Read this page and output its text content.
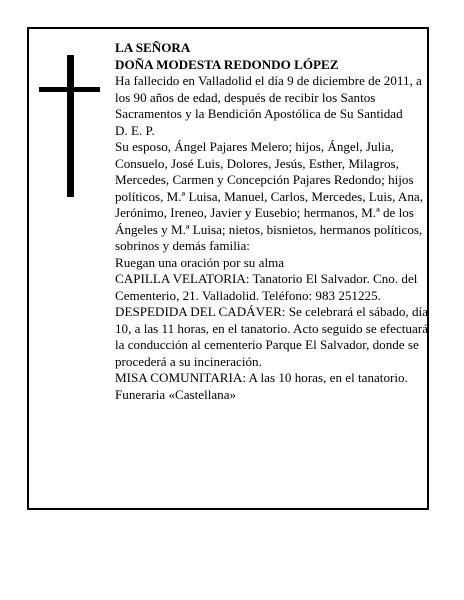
LA SEÑORA

DOÑA MODESTA REDONDO LÓPEZ

Ha fallecido en Valladolid el día 9 de diciembre de 2011, a los 90 años de edad, después de recibir los Santos Sacramentos y la Bendición Apostólica de Su Santidad

D. E. P.

Su esposo, Ángel Pajares Melero; hijos, Ángel, Julia, Consuelo, José Luis, Dolores, Jesús, Esther, Milagros, Mercedes, Carmen y Concepción Pajares Redondo; hijos políticos, M.ª Luisa, Manuel, Carlos, Mercedes, Luis, Ana, Jerónimo, Ireneo, Javier y Eusebio; hermanos, M.ª de los Ángeles y M.ª Luisa; nietos, bisnietos, hermanos políticos, sobrinos y demás familia:

Ruegan una oración por su alma

CAPILLA VELATORIA: Tanatorio El Salvador. Cno. del Cementerio, 21. Valladolid. Teléfono: 983 251225.

DESPEDIDA DEL CADÁVER: Se celebrará el sábado, día 10, a las 11 horas, en el tanatorio. Acto seguido se efectuará la conducción al cementerio Parque El Salvador, donde se procederá a su incineración.

MISA COMUNITARIA: A las 10 horas, en el tanatorio.

Funeraria «Castellana»
